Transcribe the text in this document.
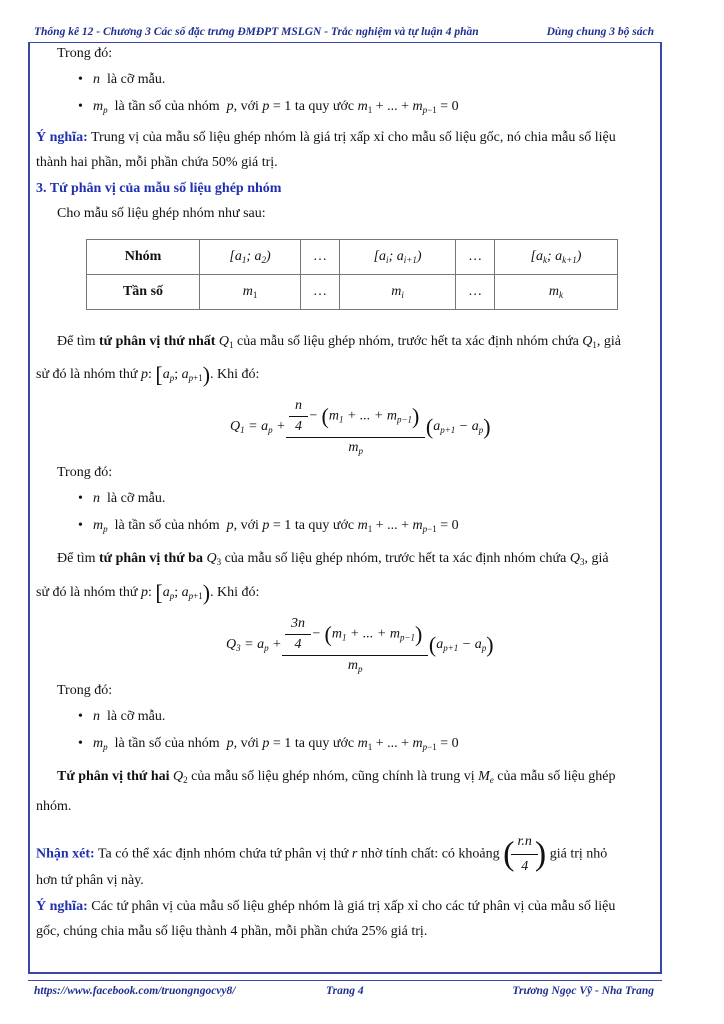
Thống kê 12 - Chương 3 Các số đặc trưng ĐMĐPT MSLGN - Trắc nghiệm và tự luận 4 phần	Dùng chung 3 bộ sách
Trong đó:
• n là cỡ mẫu.
• $m_p$ là tần số của nhóm  p, với p = 1 ta quy ước $m_1$ + ... + $m_{p-1} = 0$
Ý nghĩa: Trung vị của mẫu số liệu ghép nhóm là giá trị xấp xỉ cho mẫu số liệu gốc, nó chia mẫu số liệu
thành hai phần, mỗi phần chứa 50% giá trị.
3. Tứ phân vị của mẫu số liệu ghép nhóm
Cho mẫu số liệu ghép nhóm như sau:
Nhóm	[$a_1$; $a_2$)	…	[$a_i$; $a_{i+1}$)	…	[$a_k$; $a_{k+1}$)
Tần số	$m_1$	…	$m_i$	…	$m_k$
Để tìm tứ phân vị thứ nhất $Q_1$ của mẫu số liệu ghép nhóm, trước hết ta xác định nhóm chứa $Q_1$, giả
sử đó là nhóm thứ p: [$a_p$; $a_{p+1}$). Khi đó:
$Q_1 = a_p + \frac{\frac{n}{4} - (m_1 + ... + m_{p-1})}{m_p} (a_{p+1} - a_p)$
Trong đó:
• n là cỡ mẫu.
• $m_p$ là tần số của nhóm  p, với p = 1 ta quy ước $m_1$ + ... + $m_{p-1} = 0$
Để tìm tứ phân vị thứ ba $Q_3$ của mẫu số liệu ghép nhóm, trước hết ta xác định nhóm chứa $Q_3$, giả
sử đó là nhóm thứ p: [$a_p$; $a_{p+1}$). Khi đó:
$Q_3 = a_p + \frac{\frac{3n}{4} - (m_1 + ... + m_{p-1})}{m_p} (a_{p+1} - a_p)$
Trong đó:
• n là cỡ mẫu.
• $m_p$ là tần số của nhóm  p, với p = 1 ta quy ước $m_1$ + ... + $m_{p-1} = 0$
Tứ phân vị thứ hai $Q_2$ của mẫu số liệu ghép nhóm, cũng chính là trung vị $M_e$ của mẫu số liệu ghép
nhóm.
Nhận xét: Ta có thể xác định nhóm chứa tứ phân vị thứ r nhờ tính chất: có khoảng ( $\frac{r.n}{4}$ ) giá trị nhỏ
hơn tứ phân vị này.
Ý nghĩa: Các tứ phân vị của mẫu số liệu ghép nhóm là giá trị xấp xỉ cho các tứ phân vị của mẫu số liệu
gốc, chúng chia mẫu số liệu thành 4 phần, mỗi phần chứa 25% giá trị.
https://www.facebook.com/truongngocvy8/	Trang 4	Trương Ngọc Vỹ - Nha Trang
